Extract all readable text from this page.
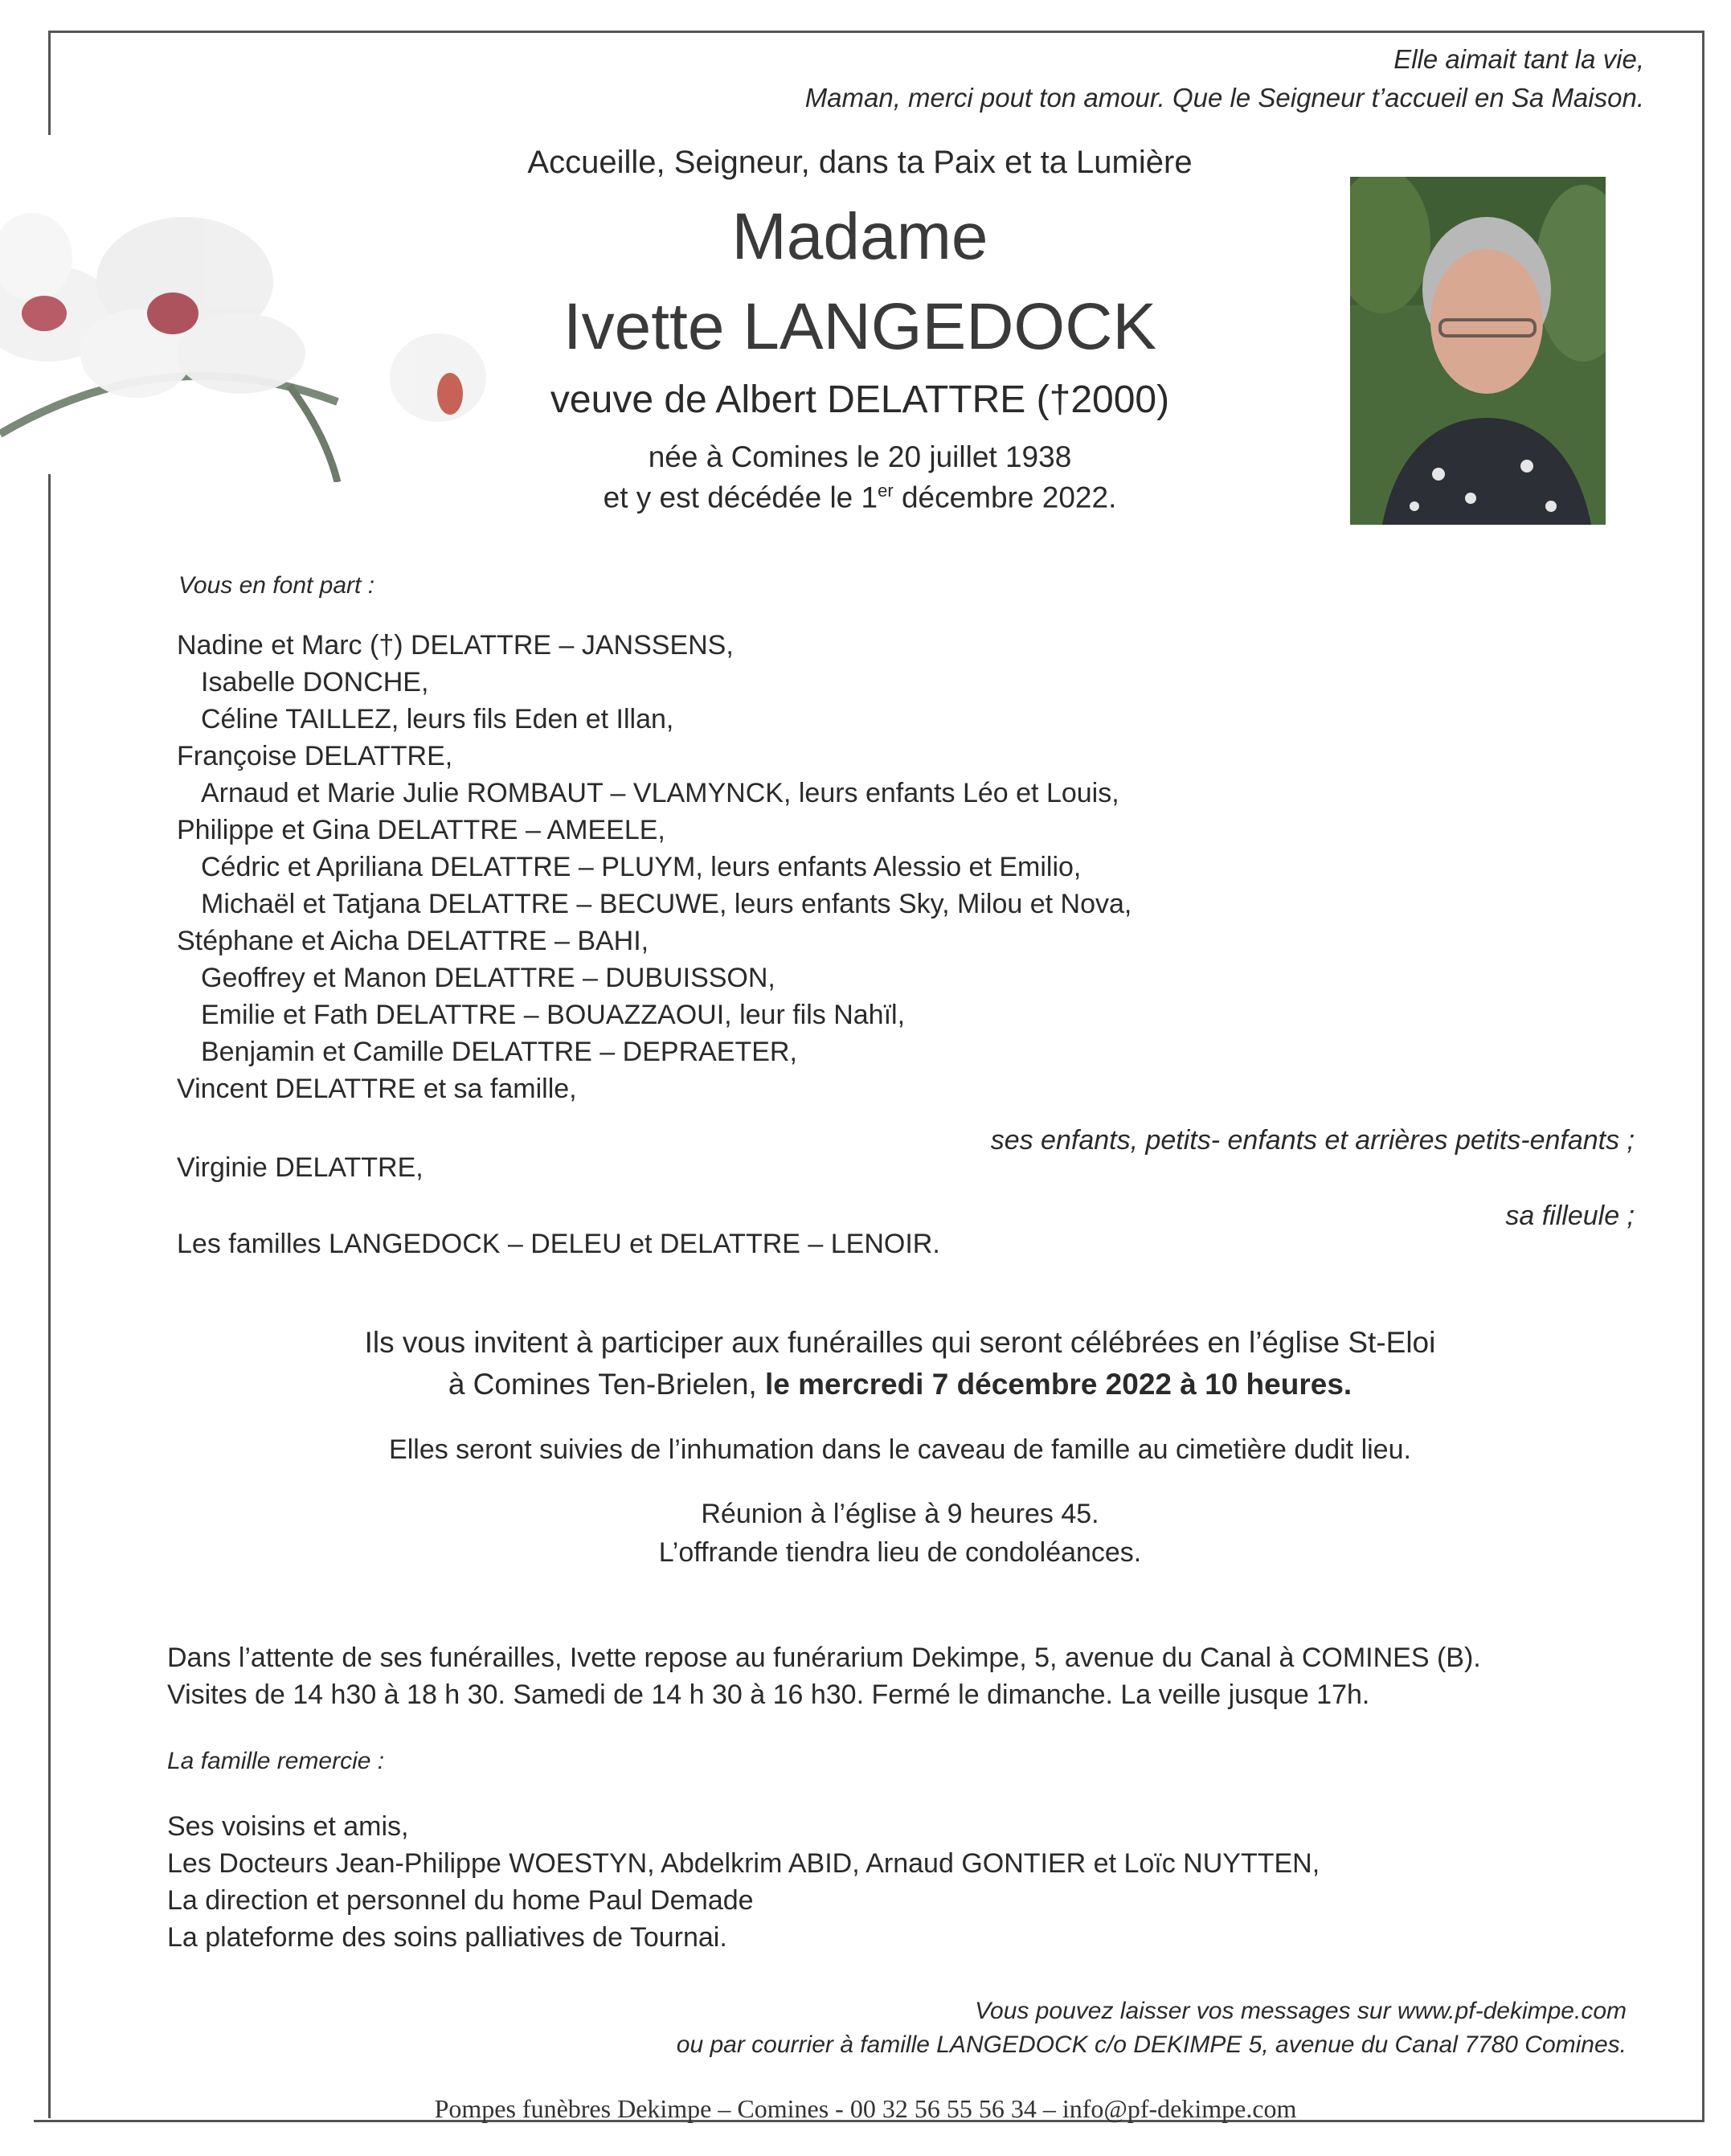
Elle aimait tant la vie,
Maman, merci pout ton amour. Que le Seigneur t’accueil en Sa Maison.
Accueille, Seigneur, dans ta Paix et ta Lumière
Madame
Ivette LANGEDOCK
veuve de Albert DELATTRE (†2000)
née à Comines le 20 juillet 1938
et y est décédée le 1er décembre 2022.
Vous en font part :
Nadine et Marc (†) DELATTRE – JANSSENS,
Isabelle DONCHE,
Céline TAILLEZ, leurs fils Eden et Illan,
Françoise DELATTRE,
Arnaud et Marie Julie ROMBAUT – VLAMYNCK, leurs enfants Léo et Louis,
Philippe et Gina DELATTRE – AMEELE,
Cédric et Apriliana DELATTRE – PLUYM, leurs enfants Alessio et Emilio,
Michaël et Tatjana DELATTRE – BECUWE, leurs enfants Sky, Milou et Nova,
Stéphane et Aicha DELATTRE – BAHI,
Geoffrey et Manon DELATTRE – DUBUISSON,
Emilie et Fath DELATTRE – BOUAZZAOUI, leur fils Nahïl,
Benjamin et Camille DELATTRE – DEPRAETER,
Vincent DELATTRE et sa famille,
ses enfants, petits- enfants et arrières petits-enfants ;
Virginie DELATTRE,
sa filleule ;
Les familles LANGEDOCK – DELEU et DELATTRE – LENOIR.
Ils vous invitent à participer aux funérailles qui seront célébrées en l’église St-Eloi
à Comines Ten-Brielen, le mercredi 7 décembre 2022 à 10 heures.
Elles seront suivies de l’inhumation dans le caveau de famille au cimetière dudit lieu.
Réunion à l’église à 9 heures 45.
L’offrande tiendra lieu de condoléances.
Dans l’attente de ses funérailles, Ivette repose au funérarium Dekimpe, 5, avenue du Canal à COMINES (B).
Visites de 14 h30 à 18 h 30. Samedi de 14 h 30 à 16 h30. Fermé le dimanche. La veille jusque 17h.
La famille remercie :
Ses voisins et amis,
Les Docteurs Jean-Philippe WOESTYN, Abdelkrim ABID, Arnaud GONTIER et Loïc NUYTTEN,
La direction et personnel du home Paul Demade
La plateforme des soins palliatives de Tournai.
Vous pouvez laisser vos messages sur www.pf-dekimpe.com
ou par courrier à famille LANGEDOCK c/o DEKIMPE 5, avenue du Canal 7780 Comines.
Pompes funèbres Dekimpe – Comines - 00 32 56 55 56 34 – info@pf-dekimpe.com
